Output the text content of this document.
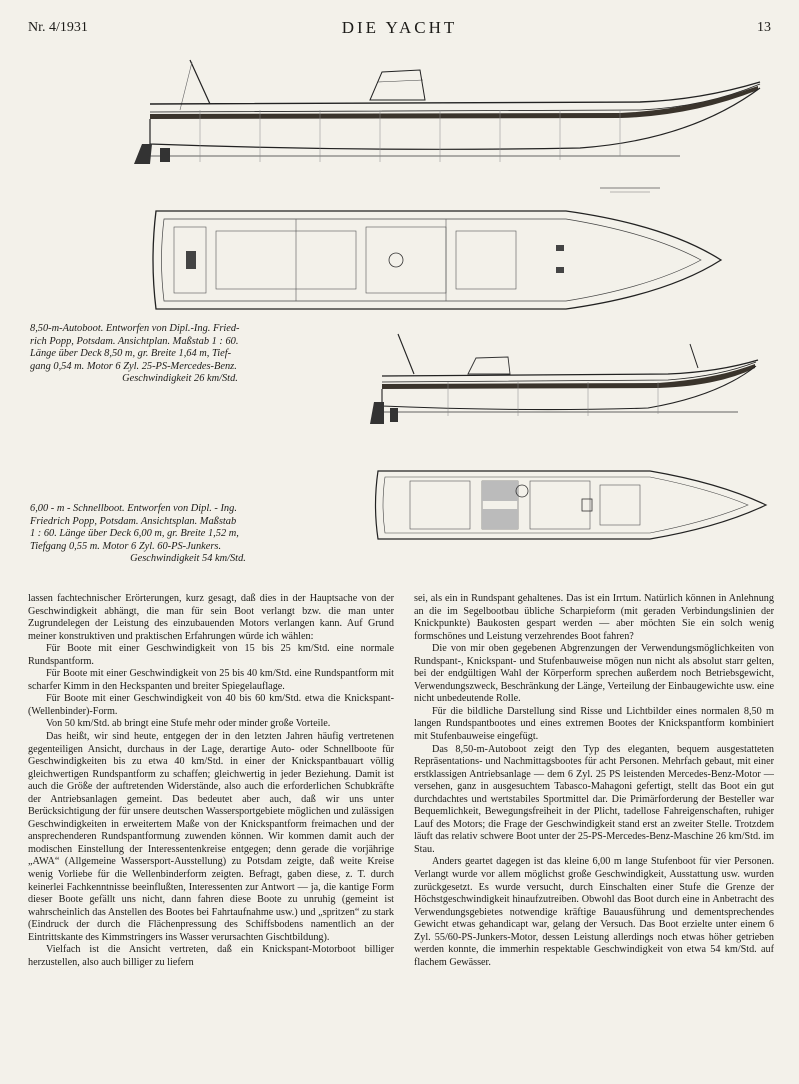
Nr. 4/1931	DIE YACHT	13
8,50-m-Autoboot. Entworfen von Dipl.-Ing. Fried-
rich Popp, Potsdam. Ansichtplan. Maßstab 1 : 60.
Länge über Deck 8,50 m, gr. Breite 1,64 m, Tief-
gang 0,54 m. Motor 6 Zyl. 25-PS-Mercedes-Benz.
Geschwindigkeit 26 km/Std.
6,00 - m - Schnellboot. Entworfen von Dipl. - Ing.
Friedrich Popp, Potsdam. Ansichtsplan. Maßstab
1 : 60. Länge über Deck 6,00 m, gr. Breite 1,52 m,
Tiefgang 0,55 m. Motor 6 Zyl. 60-PS-Junkers.
Geschwindigkeit 54 km/Std.

lassen fachtechnischer Erörterungen, kurz gesagt, daß dies in der Hauptsache von der Geschwindigkeit abhängt, die man für sein Boot verlangt bzw. die man unter Zugrundelegen der Leistung des einzubauenden Motors verlangen kann. Auf Grund meiner konstruktiven und praktischen Erfahrungen würde ich wählen:

Für Boote mit einer Geschwindigkeit von 15 bis 25 km/Std. eine normale Rundspantform.

Für Boote mit einer Geschwindigkeit von 25 bis 40 km/Std. eine Rundspantform mit scharfer Kimm in den Heckspanten und breiter Spiegelauflage.

Für Boote mit einer Geschwindigkeit von 40 bis 60 km/Std. etwa die Knickspant-(Wellenbinder)-Form.

Von 50 km/Std. ab bringt eine Stufe mehr oder minder große Vorteile.

Das heißt, wir sind heute, entgegen der in den letzten Jahren häufig vertretenen gegenteiligen Ansicht, durchaus in der Lage, derartige Auto- oder Schnellboote für Geschwindigkeiten bis zu etwa 40 km/Std. in einer der Knickspantbauart völlig gleichwertigen Rundspantform zu schaffen; gleichwertig in jeder Beziehung. Damit ist auch die Größe der auftretenden Widerstände, also auch die erforderlichen Schubkräfte der Antriebsanlagen gemeint. Das bedeutet aber auch, daß wir uns unter Berücksichtigung der für unsere deutschen Wassersportgebiete möglichen und zulässigen Geschwindigkeiten in erweitertem Maße von der Knickspantform freimachen und der ansprechenderen Rundspantformung zuwenden können. Wir kommen damit auch der modischen Einstellung der Interessentenkreise entgegen; denn gerade die vorjährige „AWA“ (Allgemeine Wassersport-Ausstellung) zu Potsdam zeigte, daß weite Kreise wenig Vorliebe für die Wellenbinderform zeigten. Befragt, gaben diese, z. T. durch keinerlei Fachkenntnisse beeinflußten, Interessenten zur Antwort — ja, die kantige Form dieser Boote gefällt uns nicht, dann fahren diese Boote zu unruhig (gemeint ist wahrscheinlich das Anstellen des Bootes bei Fahrtaufnahme usw.) und „spritzen“ zu stark (Eindruck der durch die Flächenpressung des Schiffsbodens namentlich an der Eintrittskante des Kimmstringers ins Wasser verursachten Gischtbildung).

Vielfach ist die Ansicht vertreten, daß ein Knickspant-Motorboot billiger herzustellen, also auch billiger zu liefern

sei, als ein in Rundspant gehaltenes. Das ist ein Irrtum. Natürlich können in Anlehnung an die im Segelbootbau übliche Scharpieform (mit geraden Verbindungslinien der Knickpunkte) Baukosten gespart werden — aber möchten Sie ein solch wenig formschönes und Leistung verzehrendes Boot fahren?

Die von mir oben gegebenen Abgrenzungen der Verwendungsmöglichkeiten von Rundspant-, Knickspant- und Stufenbauweise mögen nun nicht als absolut starr gelten, bei der endgültigen Wahl der Körperform sprechen außerdem noch Betriebsgewicht, Verwendungszweck, Beschränkung der Länge, Verteilung der Einbaugewichte usw. eine nicht unbedeutende Rolle.

Für die bildliche Darstellung sind Risse und Lichtbilder eines normalen 8,50 m langen Rundspantbootes und eines extremen Bootes der Knickspantform kombiniert mit Stufenbauweise eingefügt.

Das 8,50-m-Autoboot zeigt den Typ des eleganten, bequem ausgestatteten Repräsentations- und Nachmittagsbootes für acht Personen. Mehrfach gebaut, mit einer erstklassigen Antriebsanlage — dem 6 Zyl. 25 PS leistenden Mercedes-Benz-Motor — versehen, ganz in ausgesuchtem Tabasco-Mahagoni gefertigt, stellt das Boot ein gut durchdachtes und wertstabiles Sportmittel dar. Die Primärforderung der Besteller war Bequemlichkeit, Bewegungsfreiheit in der Plicht, tadellose Fahreigenschaften, ruhiger Lauf des Motors; die Frage der Geschwindigkeit stand erst an zweiter Stelle. Trotzdem läuft das relativ schwere Boot unter der 25-PS-Mercedes-Benz-Maschine 26 km/Std. im Stau.

Anders geartet dagegen ist das kleine 6,00 m lange Stufenboot für vier Personen. Verlangt wurde vor allem möglichst große Geschwindigkeit, Ausstattung usw. wurden zurückgesetzt. Es wurde versucht, durch Einschalten einer Stufe die Grenze der Höchstgeschwindigkeit hinaufzutreiben. Obwohl das Boot durch eine in Anbetracht des Verwendungsgebietes notwendige kräftige Bauausführung und dementsprechendes Gewicht etwas gehandicapt war, gelang der Versuch. Das Boot erzielte unter einem 6 Zyl. 55/60-PS-Junkers-Motor, dessen Leistung allerdings noch etwas höher getrieben werden konnte, die immerhin respektable Geschwindigkeit von etwa 54 km/Std. auf flachem Gewässer.
